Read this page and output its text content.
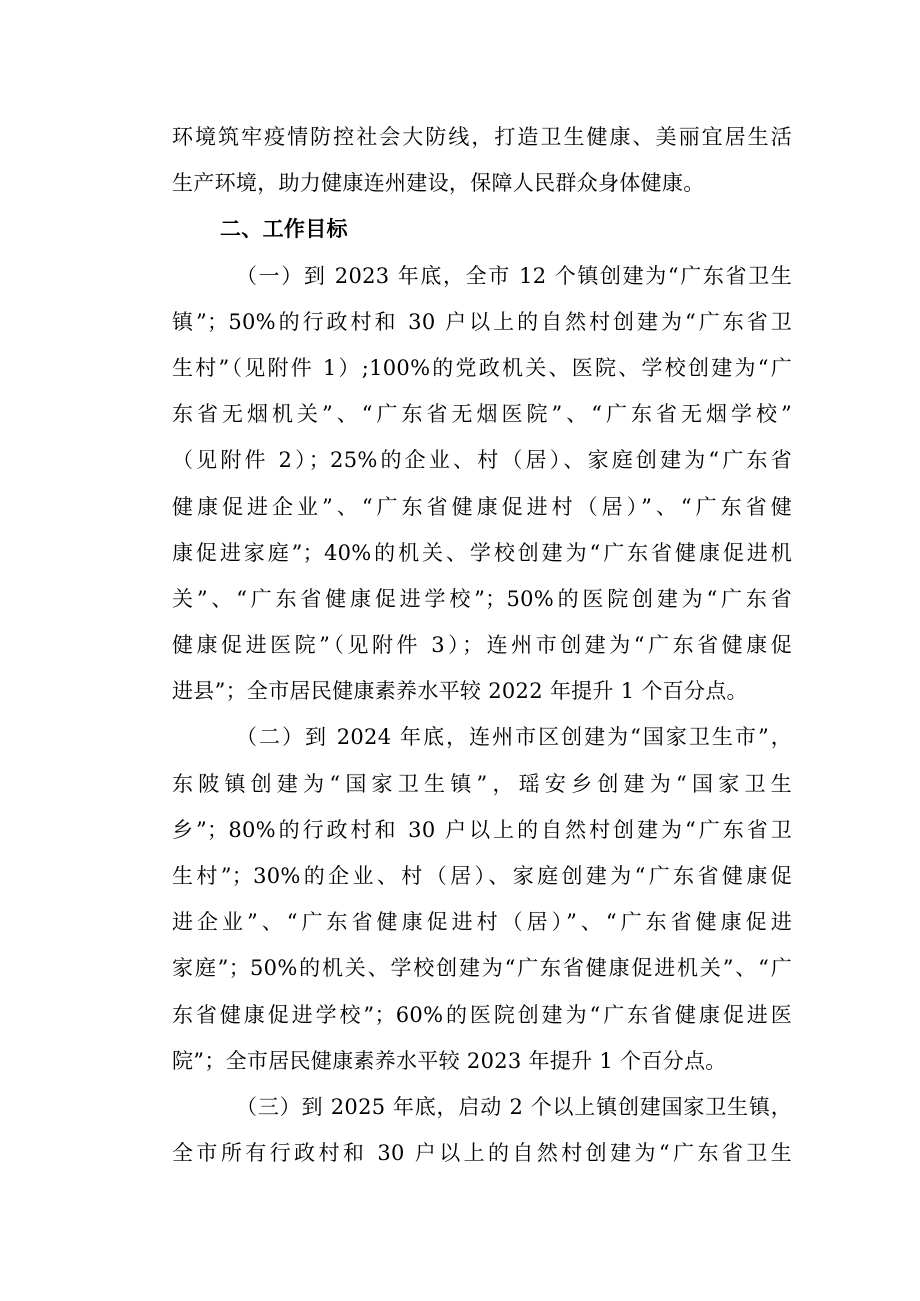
环境筑牢疫情防控社会大防线，打造卫生健康、美丽宜居生活
生产环境，助力健康连州建设，保障人民群众身体健康。
二、工作目标
（一）到 2023 年底，全市 12 个镇创建为“广东省卫生
镇”；50%的行政村和 30 户以上的自然村创建为“广东省卫
生村”（见附件 1）;100%的党政机关、医院、学校创建为“广
东省无烟机关”、“广东省无烟医院”、“广东省无烟学校”
（见附件 2）；25%的企业、村（居）、家庭创建为“广东省
健康促进企业”、“广东省健康促进村（居）”、“广东省健
康促进家庭”；40%的机关、学校创建为“广东省健康促进机
关”、“广东省健康促进学校”；50%的医院创建为“广东省
健康促进医院”（见附件 3）；连州市创建为“广东省健康促
进县”；全市居民健康素养水平较 2022 年提升 1 个百分点。
（二）到 2024 年底，连州市区创建为“国家卫生市”，
东陂镇创建为“国家卫生镇”，瑶安乡创建为“国家卫生
乡”；80%的行政村和 30 户以上的自然村创建为“广东省卫
生村”；30%的企业、村（居）、家庭创建为“广东省健康促
进企业”、“广东省健康促进村（居）”、“广东省健康促进
家庭”；50%的机关、学校创建为“广东省健康促进机关”、“广
东省健康促进学校”；60%的医院创建为“广东省健康促进医
院”；全市居民健康素养水平较 2023 年提升 1 个百分点。
（三）到 2025 年底，启动 2 个以上镇创建国家卫生镇，
全市所有行政村和 30 户以上的自然村创建为“广东省卫生
